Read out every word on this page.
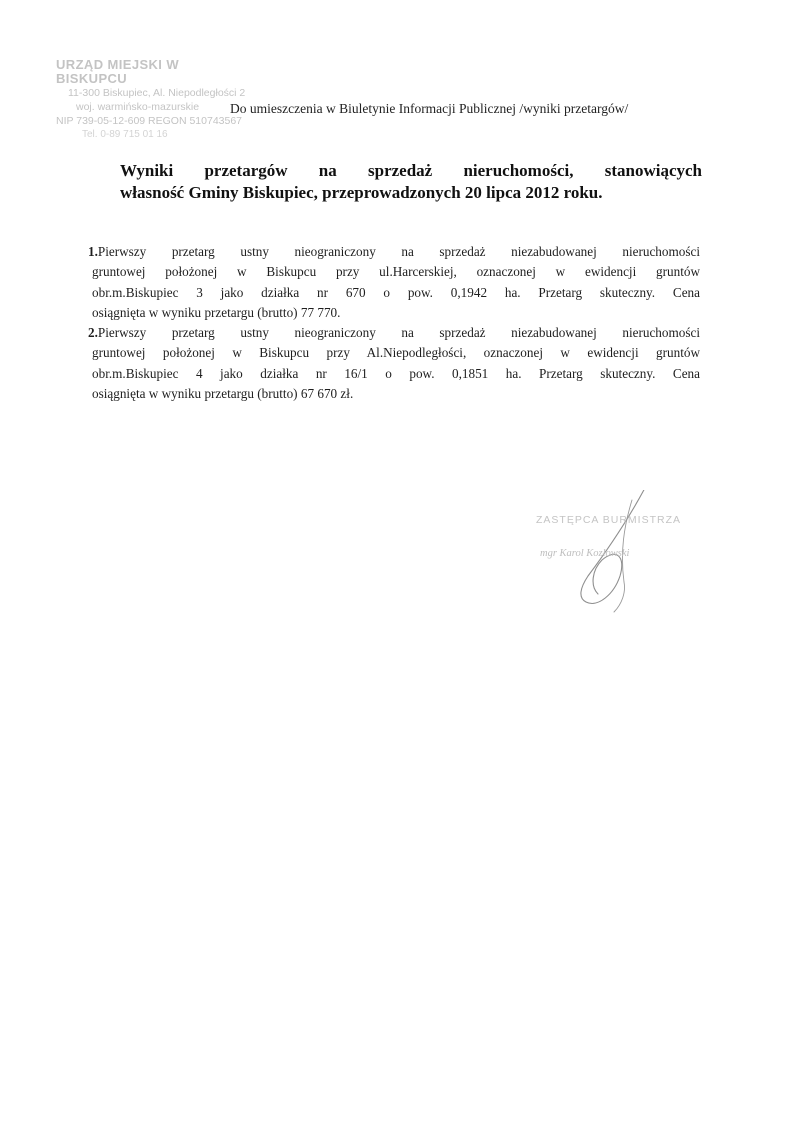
URZĄD MIEJSKI W BISKUPCU
11-300 Biskupiec, Al. Niepodległości 2
woj. warmińsko-mazurskie
NIP 739-05-12-609 REGON 510743567
Tel. 0-89 715 01 16
Do umieszczenia w Biuletynie Informacji Publicznej /wyniki przetargów/
Wyniki przetargów na sprzedaż nieruchomości, stanowiących
własność Gminy Biskupiec, przeprowadzonych 20 lipca 2012 roku.
1.Pierwszy przetarg ustny nieograniczony na sprzedaż niezabudowanej nieruchomości
gruntowej położonej w Biskupcu przy ul.Harcerskiej, oznaczonej w ewidencji gruntów
obr.m.Biskupiec 3 jako działka nr 670 o pow. 0,1942 ha. Przetarg skuteczny. Cena
osiągnięta w wyniku przetargu (brutto) 77 770.
2.Pierwszy przetarg ustny nieograniczony na sprzedaż niezabudowanej nieruchomości
gruntowej położonej w Biskupcu przy Al.Niepodległości, oznaczonej w ewidencji gruntów
obr.m.Biskupiec 4 jako działka nr 16/1 o pow. 0,1851 ha. Przetarg skuteczny. Cena
osiągnięta w wyniku przetargu (brutto) 67 670 zł.
ZASTĘPCA BURMISTRZA
mgr Karol Kozłowski
